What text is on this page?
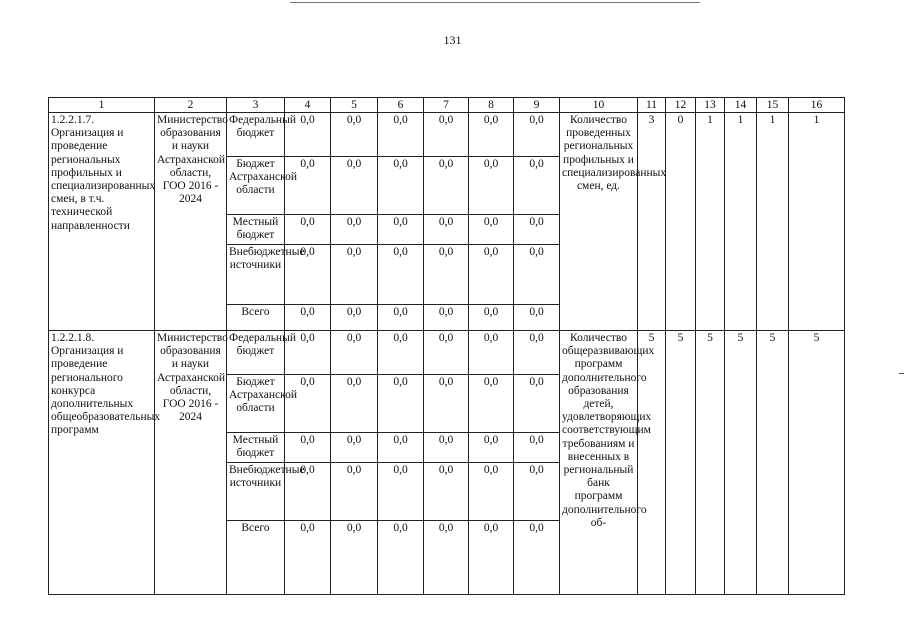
131
1	2	3	4	5	6	7	8	9	10	11	12	13	14	15	16
1.2.2.1.7. Организация и проведение региональных профильных и специализированных смен, в т.ч. технической направленности	Министерство образования и науки Астраханской области, ГОО 2016 - 2024	Федеральный бюджет	0,0	0,0	0,0	0,0	0,0	0,0	Количество проведенных региональных профильных и специализированных смен, ед.	3	0	1	1	1	1
		Бюджет Астраханской области	0,0	0,0	0,0	0,0	0,0	0,0							
		Местный бюджет	0,0	0,0	0,0	0,0	0,0	0,0							
		Внебюджетные источники	0,0	0,0	0,0	0,0	0,0	0,0							
		Всего	0,0	0,0	0,0	0,0	0,0	0,0							
1.2.2.1.8. Организация и проведение регионального конкурса дополнительных общеобразовательных программ	Министерство образования и науки Астраханской области, ГОО 2016 - 2024	Федеральный бюджет	0,0	0,0	0,0	0,0	0,0	0,0	Количество общеразвивающих программ дополнительного образования детей, удовлетворяющих соответствующим требованиям и внесенных в региональный банк программ дополнительного об-	5	5	5	5	5	5
		Бюджет Астраханской области	0,0	0,0	0,0	0,0	0,0	0,0							
		Местный бюджет	0,0	0,0	0,0	0,0	0,0	0,0							
		Внебюджетные источники	0,0	0,0	0,0	0,0	0,0	0,0							
		Всего	0,0	0,0	0,0	0,0	0,0	0,0							
